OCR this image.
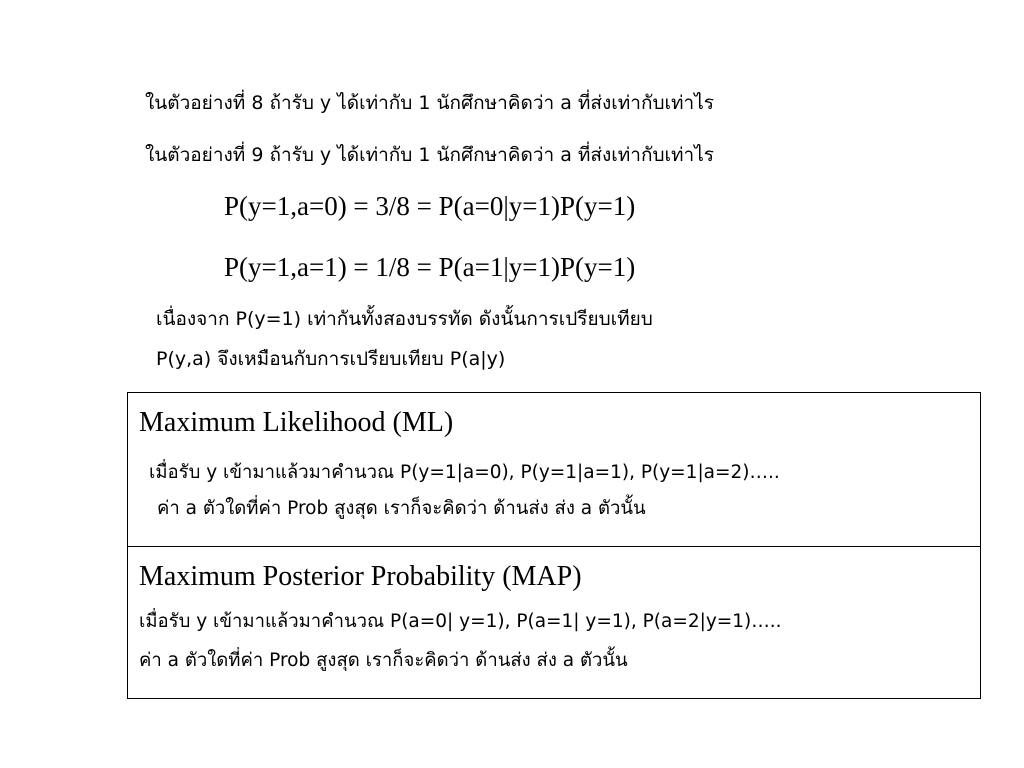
ในตัวอย่างที่ 8 ถ้ารับ y ได้เท่ากับ 1 นักศึกษาคิดว่า a ที่ส่งเท่ากับเท่าไร
ในตัวอย่างที่ 9 ถ้ารับ y ได้เท่ากับ 1 นักศึกษาคิดว่า a ที่ส่งเท่ากับเท่าไร
P(y=1,a=0) = 3/8 = P(a=0|y=1)P(y=1)
P(y=1,a=1) = 1/8 = P(a=1|y=1)P(y=1)
เนื่องจาก P(y=1) เท่ากันทั้งสองบรรทัด ดังนั้นการเปรียบเทียบ
P(y,a) จึงเหมือนกับการเปรียบเทียบ P(a|y)
Maximum Likelihood (ML)
เมื่อรับ y เข้ามาแล้วมาคำนวณ P(y=1|a=0), P(y=1|a=1), P(y=1|a=2)…..
ค่า a ตัวใดที่ค่า Prob สูงสุด เราก็จะคิดว่า ด้านส่ง ส่ง a ตัวนั้น
Maximum Posterior Probability (MAP)
เมื่อรับ y เข้ามาแล้วมาคำนวณ P(a=0| y=1), P(a=1| y=1), P(a=2|y=1)…..
ค่า a ตัวใดที่ค่า Prob สูงสุด เราก็จะคิดว่า ด้านส่ง ส่ง a ตัวนั้น
